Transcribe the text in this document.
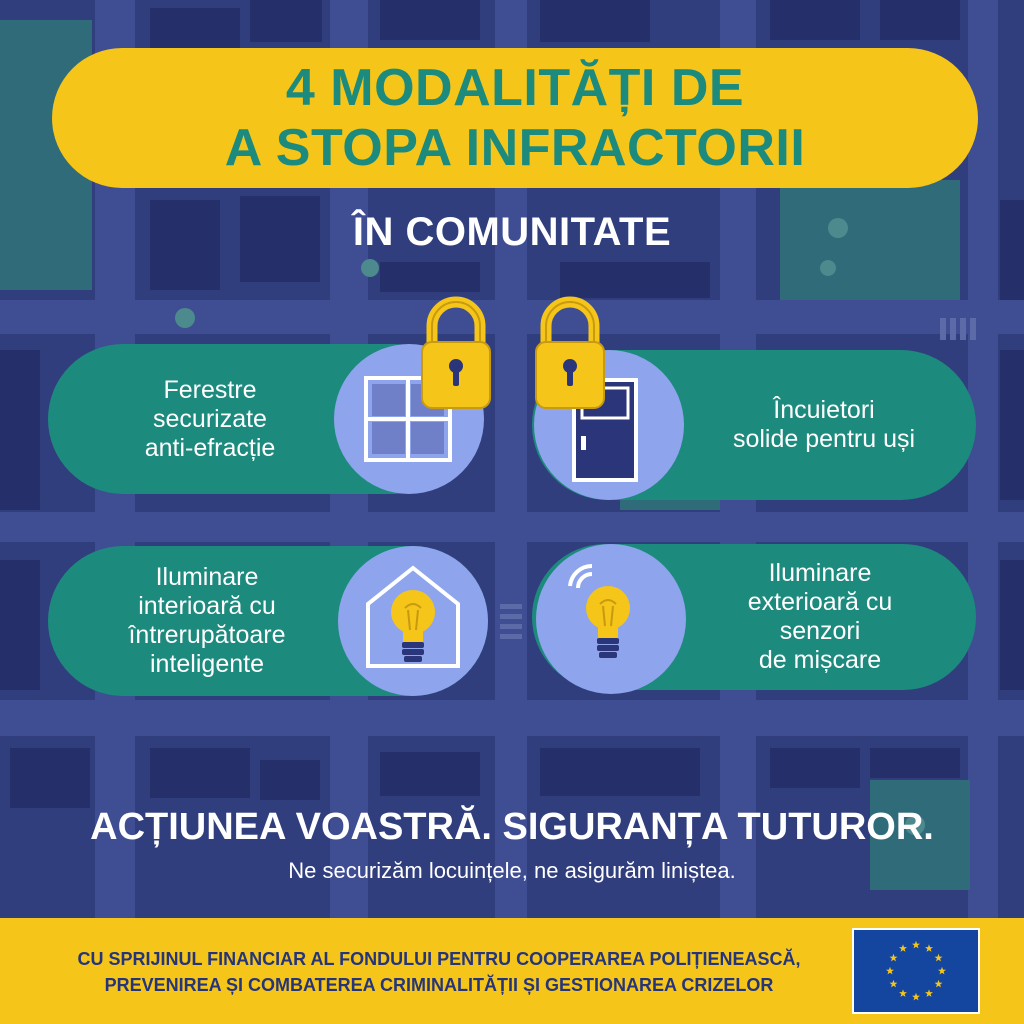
4 MODALITĂȚI DE
A STOPA INFRACTORII
ÎN COMUNITATE
Ferestre
securizate
anti-efracție
Încuietori
solide pentru uși
Iluminare
interioară cu
întrerupătoare
inteligente
Iluminare
exterioară cu
senzori
de mișcare
ACȚIUNEA VOASTRĂ. SIGURANȚA TUTUROR.
Ne securizăm locuințele, ne asigurăm liniștea.
CU SPRIJINUL FINANCIAR AL FONDULUI PENTRU COOPERAREA POLIȚIENEASCĂ,
PREVENIREA ȘI COMBATEREA CRIMINALITĂȚII ȘI GESTIONAREA CRIZELOR
